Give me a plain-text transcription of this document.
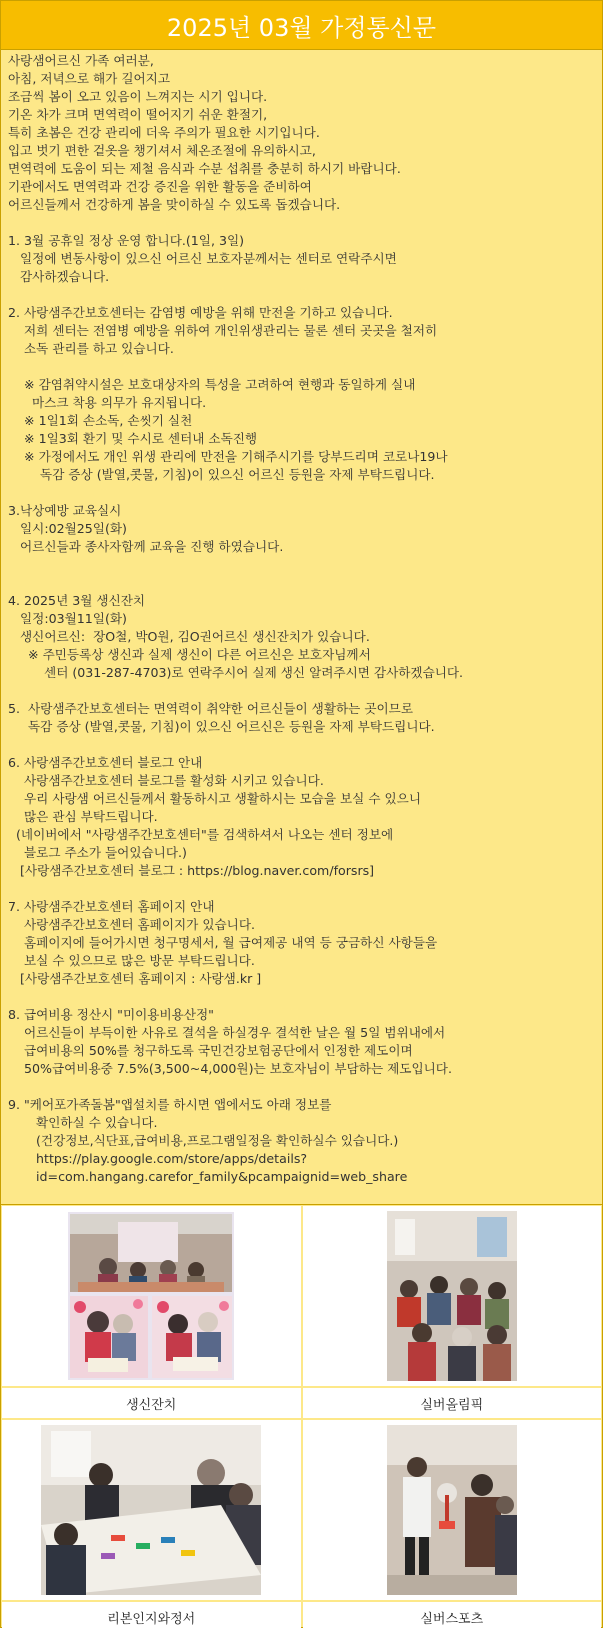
2025년 03월 가정통신문
사랑샘어르신 가족 여러분,
아침, 저녁으로 해가 길어지고
조금씩 봄이 오고 있음이 느껴지는 시기 입니다.
기온 차가 크며 면역력이 떨어지기 쉬운 환절기,
특히 초봄은 건강 관리에 더욱 주의가 필요한 시기입니다.
입고 벗기 편한 겉옷을 챙기셔서 체온조절에 유의하시고,
면역력에 도움이 되는 제철 음식과 수분 섭취를 충분히 하시기 바랍니다.
기관에서도 면역력과 건강 증진을 위한 활동을 준비하여
어르신들께서 건강하게 봄을 맞이하실 수 있도록 돕겠습니다.
1. 3월 공휴일 정상 운영 합니다.(1일, 3일)
일정에 변동사항이 있으신 어르신 보호자분께서는 센터로 연락주시면
감사하겠습니다.
2. 사랑샘주간보호센터는 감염병 예방을 위해 만전을 기하고 있습니다.
저희 센터는 전염병 예방을 위하여 개인위생관리는 물론 센터 곳곳을 철저히
소독 관리를 하고 있습니다.
※ 감염취약시설은 보호대상자의 특성을 고려하여 현행과 동일하게 실내
마스크 착용 의무가 유지됩니다.
※ 1일1회 손소독, 손씻기 실천
※ 1일3회 환기 및 수시로 센터내 소독진행
※ 가정에서도 개인 위생 관리에 만전을 기해주시기를 당부드리며 코로나19나
독감 증상 (발열,콧물, 기침)이 있으신 어르신 등원을 자제 부탁드립니다.
3.낙상예방 교육실시
일시:02월25일(화)
어르신들과 종사자함께 교육을 진행 하였습니다.
4. 2025년 3월 생신잔치
일정:03월11일(화)
생신어르신:  장O철, 박O원, 김O권어르신 생신잔치가 있습니다.
※ 주민등록상 생신과 실제 생신이 다른 어르신은 보호자님께서
센터 (031-287-4703)로 연락주시어 실제 생신 알려주시면 감사하겠습니다.
5.  사랑샘주간보호센터는 면역력이 취약한 어르신들이 생활하는 곳이므로
독감 증상 (발열,콧물, 기침)이 있으신 어르신은 등원을 자제 부탁드립니다.
6. 사랑샘주간보호센터 블로그 안내
사랑샘주간보호센터 블로그를 활성화 시키고 있습니다.
우리 사랑샘 어르신들께서 활동하시고 생활하시는 모습을 보실 수 있으니
많은 관심 부탁드립니다.
(네이버에서 "사랑샘주간보호센터"를 검색하셔서 나오는 센터 정보에
블로그 주소가 들어있습니다.)
[사랑샘주간보호센터 블로그 : https://blog.naver.com/forsrs]
7. 사랑샘주간보호센터 홈페이지 안내
사랑샘주간보호센터 홈페이지가 있습니다.
홈페이지에 들어가시면 청구명세서, 월 급여제공 내역 등 궁금하신 사항들을
보실 수 있으므로 많은 방문 부탁드립니다.
[사랑샘주간보호센터 홈페이지 : 사랑샘.kr ]
8. 급여비용 정산시 "미이용비용산정"
어르신들이 부득이한 사유로 결석을 하실경우 결석한 날은 월 5일 범위내에서
급여비용의 50%를 청구하도록 국민건강보험공단에서 인정한 제도이며
50%급여비용중 7.5%(3,500~4,000원)는 보호자님이 부담하는 제도입니다.
9. "케어포가족돌봄"앱설치를 하시면 앱에서도 아래 정보를
확인하실 수 있습니다.
(건강정보,식단표,급여비용,프로그램일정을 확인하실수 있습니다.)
https://play.google.com/store/apps/details?
id=com.hangang.carefor_family&pcampaignid=web_share
생신잔치	실버올림픽
리본인지와정서	실버스포츠
